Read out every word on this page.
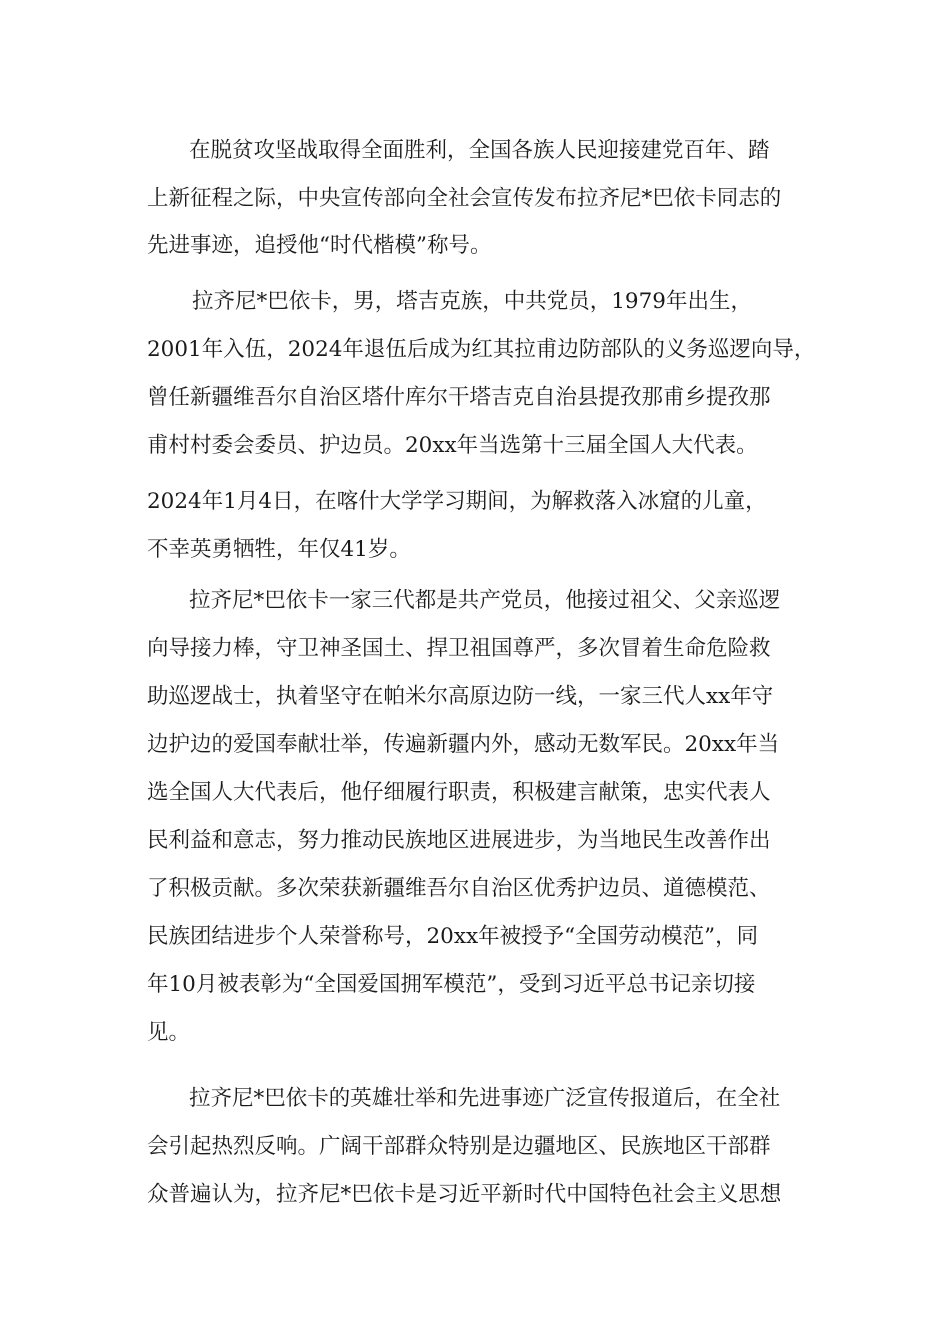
在脱贫攻坚战取得全面胜利，全国各族人民迎接建党百年、踏
上新征程之际，中央宣传部向全社会宣传发布拉齐尼*巴依卡同志的
先进事迹，追授他“时代楷模”称号。
拉齐尼*巴依卡，男，塔吉克族，中共党员，1979年出生，
2001年入伍，2024年退伍后成为红其拉甫边防部队的义务巡逻向导，
曾任新疆维吾尔自治区塔什库尔干塔吉克自治县提孜那甫乡提孜那
甫村村委会委员、护边员。20xx年当选第十三届全国人大代表。
2024年1月4日，在喀什大学学习期间，为解救落入冰窟的儿童，
不幸英勇牺牲，年仅41岁。
拉齐尼*巴依卡一家三代都是共产党员，他接过祖父、父亲巡逻
向导接力棒，守卫神圣国土、捍卫祖国尊严，多次冒着生命危险救
助巡逻战士，执着坚守在帕米尔高原边防一线，一家三代人xx年守
边护边的爱国奉献壮举，传遍新疆内外，感动无数军民。20xx年当
选全国人大代表后，他仔细履行职责，积极建言献策，忠实代表人
民利益和意志，努力推动民族地区进展进步，为当地民生改善作出
了积极贡献。多次荣获新疆维吾尔自治区优秀护边员、道德模范、
民族团结进步个人荣誉称号，20xx年被授予“全国劳动模范”，同
年10月被表彰为“全国爱国拥军模范”，受到习近平总书记亲切接
见。
拉齐尼*巴依卡的英雄壮举和先进事迹广泛宣传报道后，在全社
会引起热烈反响。广阔干部群众特别是边疆地区、民族地区干部群
众普遍认为，拉齐尼*巴依卡是习近平新时代中国特色社会主义思想
